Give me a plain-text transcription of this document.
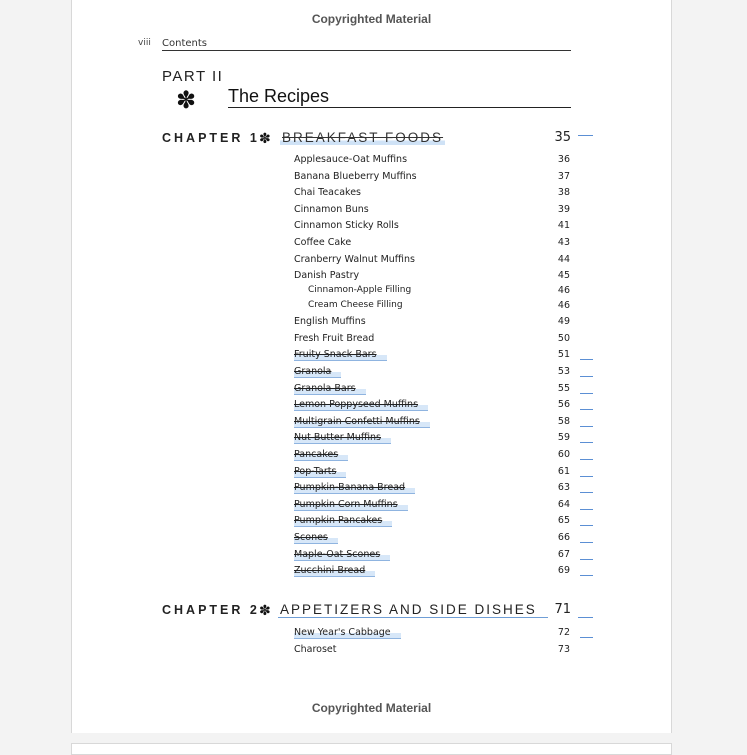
Copyrighted Material
viii Contents
PART II
✽ The Recipes
CHAPTER 1 ✽ BREAKFAST FOODS	35
Applesauce-Oat Muffins	36
Banana Blueberry Muffins	37
Chai Teacakes	38
Cinnamon Buns	39
Cinnamon Sticky Rolls	41
Coffee Cake	43
Cranberry Walnut Muffins	44
Danish Pastry	45
Cinnamon-Apple Filling	46
Cream Cheese Filling	46
English Muffins	49
Fresh Fruit Bread	50
Fruity Snack Bars	51
Granola	53
Granola Bars	55
Lemon Poppyseed Muffins	56
Multigrain Confetti Muffins	58
Nut Butter Muffins	59
Pancakes	60
Pop-Tarts	61
Pumpkin-Banana Bread	63
Pumpkin Corn Muffins	64
Pumpkin Pancakes	65
Scones	66
Maple-Oat Scones	67
Zucchini Bread	69
CHAPTER 2 ✽ APPETIZERS AND SIDE DISHES	71
New Year's Cabbage	72
Charoset	73
Copyrighted Material
